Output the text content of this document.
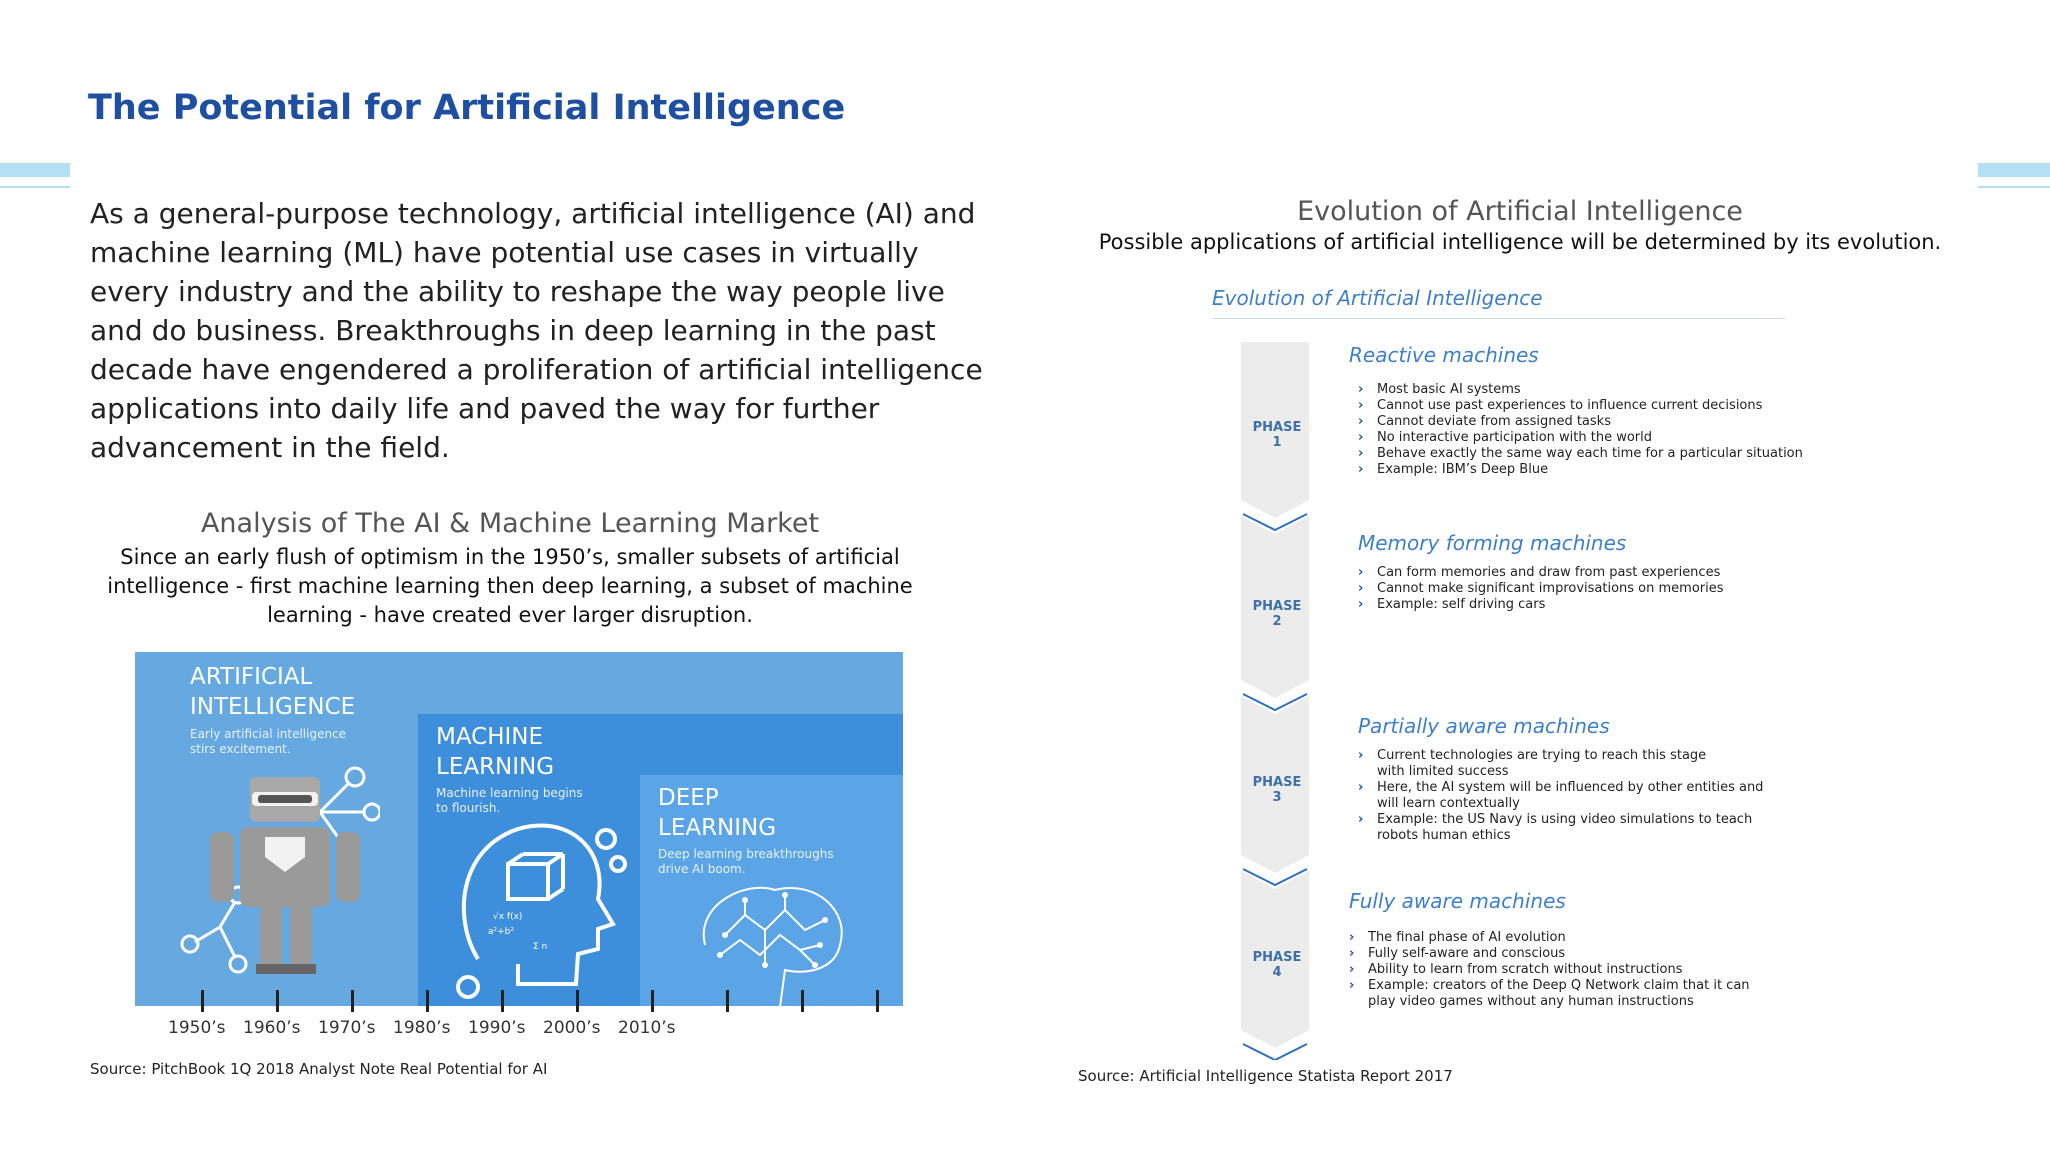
The Potential for Artificial Intelligence
As a general-purpose technology, artificial intelligence (AI) and machine learning (ML) have potential use cases in virtually every industry and the ability to reshape the way people live and do business. Breakthroughs in deep learning in the past decade have engendered a proliferation of artificial intelligence applications into daily life and paved the way for further advancement in the field.
Analysis of The AI & Machine Learning Market
Since an early flush of optimism in the 1950’s, smaller subsets of artificial intelligence - first machine learning then deep learning, a subset of machine learning - have created ever larger disruption.
ARTIFICIAL
INTELLIGENCE
Early artificial intelligence
stirs excitement.	MACHINE
LEARNING
Machine learning begins
to flourish.
√x f(x)
a²+b²
Σ n
DEEP
LEARNING
Deep learning breakthroughs
drive AI boom.
1950’s 1960’s 1970’s 1980’s 1990’s 2000’s 2010’s
Source: PitchBook 1Q 2018 Analyst Note Real Potential for AI
Evolution of Artificial Intelligence
Possible applications of artificial intelligence will be determined by its evolution.
Evolution of Artificial Intelligence
PHASE 1
Reactive machines
› Most basic AI systems
› Cannot use past experiences to influence current decisions
› Cannot deviate from assigned tasks
› No interactive participation with the world
› Behave exactly the same way each time for a particular situation
› Example: IBM’s Deep Blue
PHASE 2
Memory forming machines
› Can form memories and draw from past experiences
› Cannot make significant improvisations on memories
› Example: self driving cars
PHASE 3
Partially aware machines
› Current technologies are trying to reach this stage
with limited success
› Here, the AI system will be influenced by other entities and
will learn contextually
› Example: the US Navy is using video simulations to teach
robots human ethics
PHASE 4
Fully aware machines
› The final phase of AI evolution
› Fully self-aware and conscious
› Ability to learn from scratch without instructions
› Example: creators of the Deep Q Network claim that it can
play video games without any human instructions
Source: Artificial Intelligence Statista Report 2017
